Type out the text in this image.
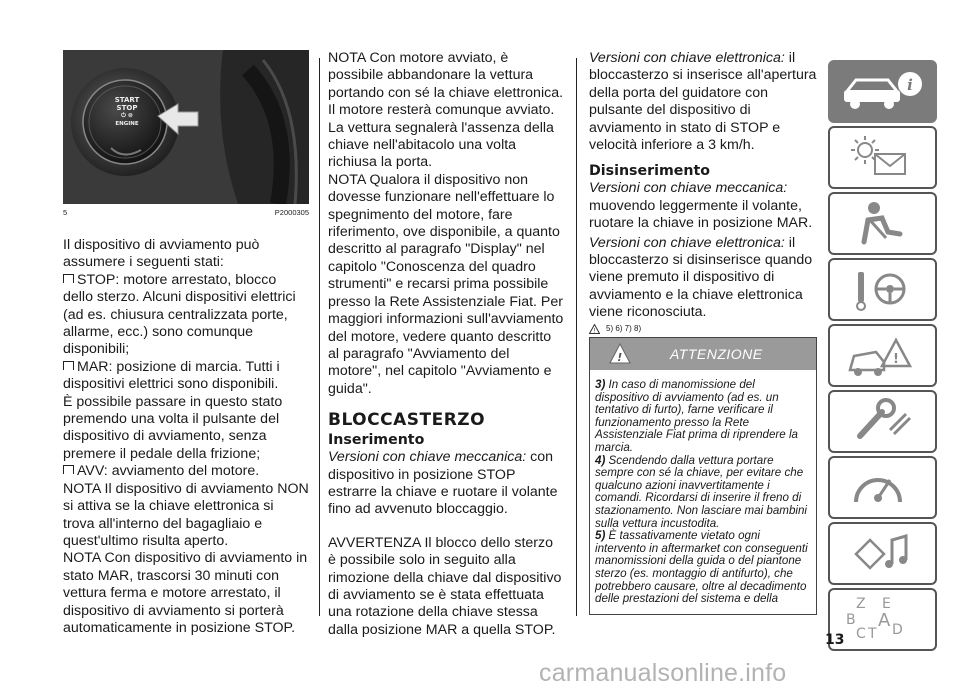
START
STOP
⏻ ⊜
ENGINE
5	P2000305

Il dispositivo di avviamento può assumere i seguenti stati:

STOP: motore arrestato, blocco dello sterzo. Alcuni dispositivi elettrici (ad es. chiusura centralizzata porte, allarme, ecc.) sono comunque disponibili;

MAR: posizione di marcia. Tutti i dispositivi elettrici sono disponibili.

È possibile passare in questo stato premendo una volta il pulsante del dispositivo di avviamento, senza premere il pedale della frizione;

AVV: avviamento del motore.

NOTA Il dispositivo di avviamento NON si attiva se la chiave elettronica si trova all'interno del bagagliaio e quest'ultimo risulta aperto.

NOTA Con dispositivo di avviamento in stato MAR, trascorsi 30 minuti con vettura ferma e motore arrestato, il dispositivo di avviamento si porterà automaticamente in posizione STOP.

NOTA Con motore avviato, è possibile abbandonare la vettura portando con sé la chiave elettronica. Il motore resterà comunque avviato. La vettura segnalerà l'assenza della chiave nell'abitacolo una volta richiusa la porta.

NOTA Qualora il dispositivo non dovesse funzionare nell'effettuare lo spegnimento del motore, fare riferimento, ove disponibile, a quanto descritto al paragrafo "Display" nel capitolo "Conoscenza del quadro strumenti" e recarsi prima possibile presso la Rete Assistenziale Fiat. Per maggiori informazioni sull'avviamento del motore, vedere quanto descritto al paragrafo "Avviamento del motore", nel capitolo "Avviamento e guida".

BLOCCASTERZO
Inserimento

Versioni con chiave meccanica: con dispositivo in posizione STOP estrarre la chiave e ruotare il volante fino ad avvenuto bloccaggio.

AVVERTENZA Il blocco dello sterzo è possibile solo in seguito alla rimozione della chiave dal dispositivo di avviamento se è stata effettuata una rotazione della chiave stessa dalla posizione MAR a quella STOP.

Versioni con chiave elettronica: il bloccasterzo si inserisce all'apertura della porta del guidatore con pulsante del dispositivo di avviamento in stato di STOP e velocità inferiore a 3 km/h.

Disinserimento

Versioni con chiave meccanica: muovendo leggermente il volante, ruotare la chiave in posizione MAR.

Versioni con chiave elettronica: il bloccasterzo si disinserisce quando viene premuto il dispositivo di avviamento e la chiave elettronica viene riconosciuta.

! 5) 6) 7) 8)
!	ATTENZIONE

3) In caso di manomissione del dispositivo di avviamento (ad es. un tentativo di furto), farne verificare il funzionamento presso la Rete Assistenziale Fiat prima di riprendere la marcia.

4) Scendendo dalla vettura portare sempre con sé la chiave, per evitare che qualcuno azioni inavvertitamente i comandi. Ricordarsi di inserire il freno di stazionamento. Non lasciare mai bambini sulla vettura incustodita.

5) È tassativamente vietato ogni intervento in aftermarket con conseguenti manomissioni della guida o del piantone sterzo (es. montaggio di antifurto), che potrebbero causare, oltre al decadimento delle prestazioni del sistema e della

i
!
Z E
B A
C T D
13
carmanualsonline.info
